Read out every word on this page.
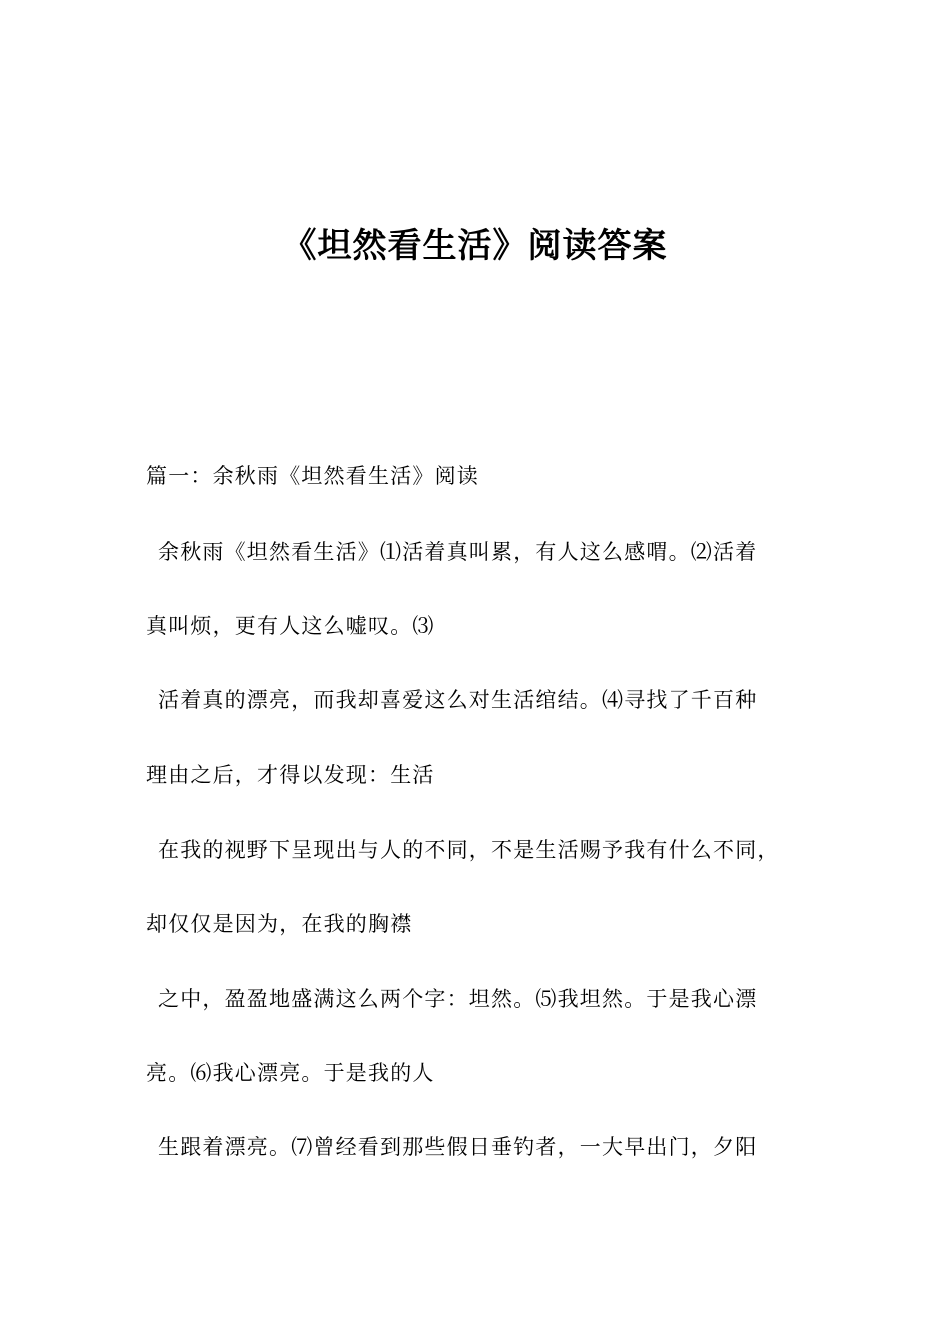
《坦然看生活》阅读答案
篇一：余秋雨《坦然看生活》阅读
余秋雨《坦然看生活》⑴活着真叫累，有人这么感喟。⑵活着
真叫烦，更有人这么嘘叹。⑶
活着真的漂亮，而我却喜爱这么对生活绾结。⑷寻找了千百种
理由之后，才得以发现：生活
在我的视野下呈现出与人的不同，不是生活赐予我有什么不同，
却仅仅是因为，在我的胸襟
之中，盈盈地盛满这么两个字：坦然。⑸我坦然。于是我心漂
亮。⑹我心漂亮。于是我的人
生跟着漂亮。⑺曾经看到那些假日垂钓者，一大早出门，夕阳
